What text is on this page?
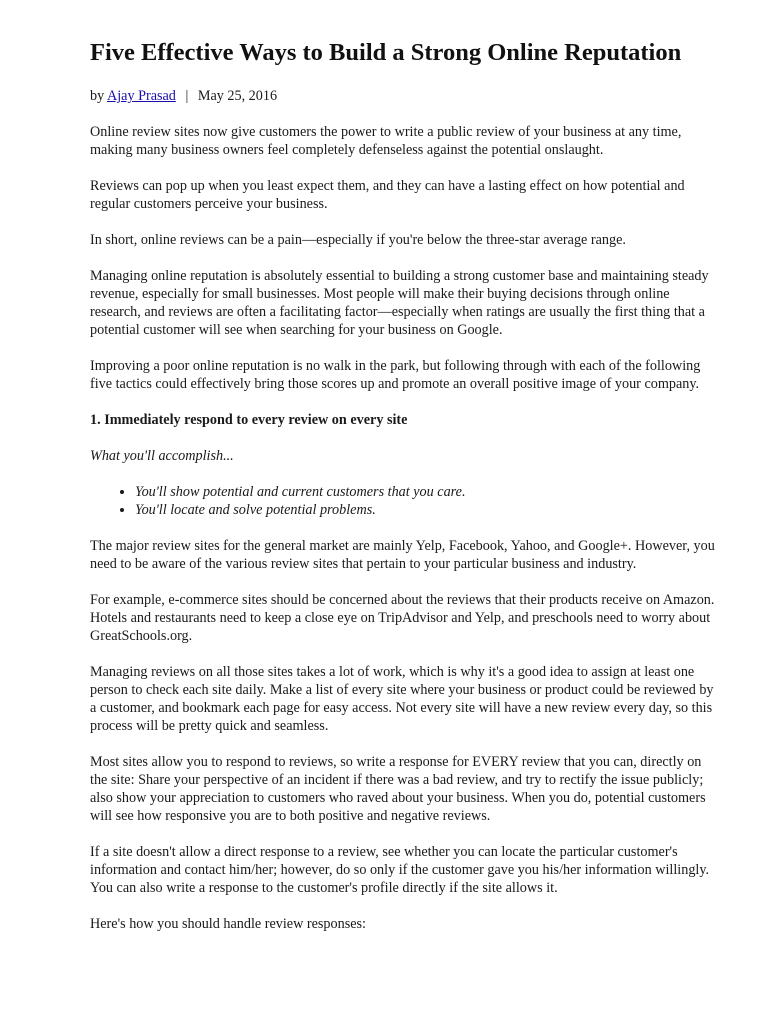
Five Effective Ways to Build a Strong Online Reputation
by Ajay Prasad | May 25, 2016

Online review sites now give customers the power to write a public review of your business at any time, making many business owners feel completely defenseless against the potential onslaught.

Reviews can pop up when you least expect them, and they can have a lasting effect on how potential and regular customers perceive your business.

In short, online reviews can be a pain—especially if you're below the three-star average range.

Managing online reputation is absolutely essential to building a strong customer base and maintaining steady revenue, especially for small businesses. Most people will make their buying decisions through online research, and reviews are often a facilitating factor—especially when ratings are usually the first thing that a potential customer will see when searching for your business on Google.

Improving a poor online reputation is no walk in the park, but following through with each of the following five tactics could effectively bring those scores up and promote an overall positive image of your company.

1. Immediately respond to every review on every site

What you'll accomplish...

• You'll show potential and current customers that you care.
• You'll locate and solve potential problems.

The major review sites for the general market are mainly Yelp, Facebook, Yahoo, and Google+. However, you need to be aware of the various review sites that pertain to your particular business and industry.

For example, e-commerce sites should be concerned about the reviews that their products receive on Amazon. Hotels and restaurants need to keep a close eye on TripAdvisor and Yelp, and preschools need to worry about GreatSchools.org.

Managing reviews on all those sites takes a lot of work, which is why it's a good idea to assign at least one person to check each site daily. Make a list of every site where your business or product could be reviewed by a customer, and bookmark each page for easy access. Not every site will have a new review every day, so this process will be pretty quick and seamless.

Most sites allow you to respond to reviews, so write a response for EVERY review that you can, directly on the site: Share your perspective of an incident if there was a bad review, and try to rectify the issue publicly; also show your appreciation to customers who raved about your business. When you do, potential customers will see how responsive you are to both positive and negative reviews.

If a site doesn't allow a direct response to a review, see whether you can locate the particular customer's information and contact him/her; however, do so only if the customer gave you his/her information willingly. You can also write a response to the customer's profile directly if the site allows it.

Here's how you should handle review responses:
